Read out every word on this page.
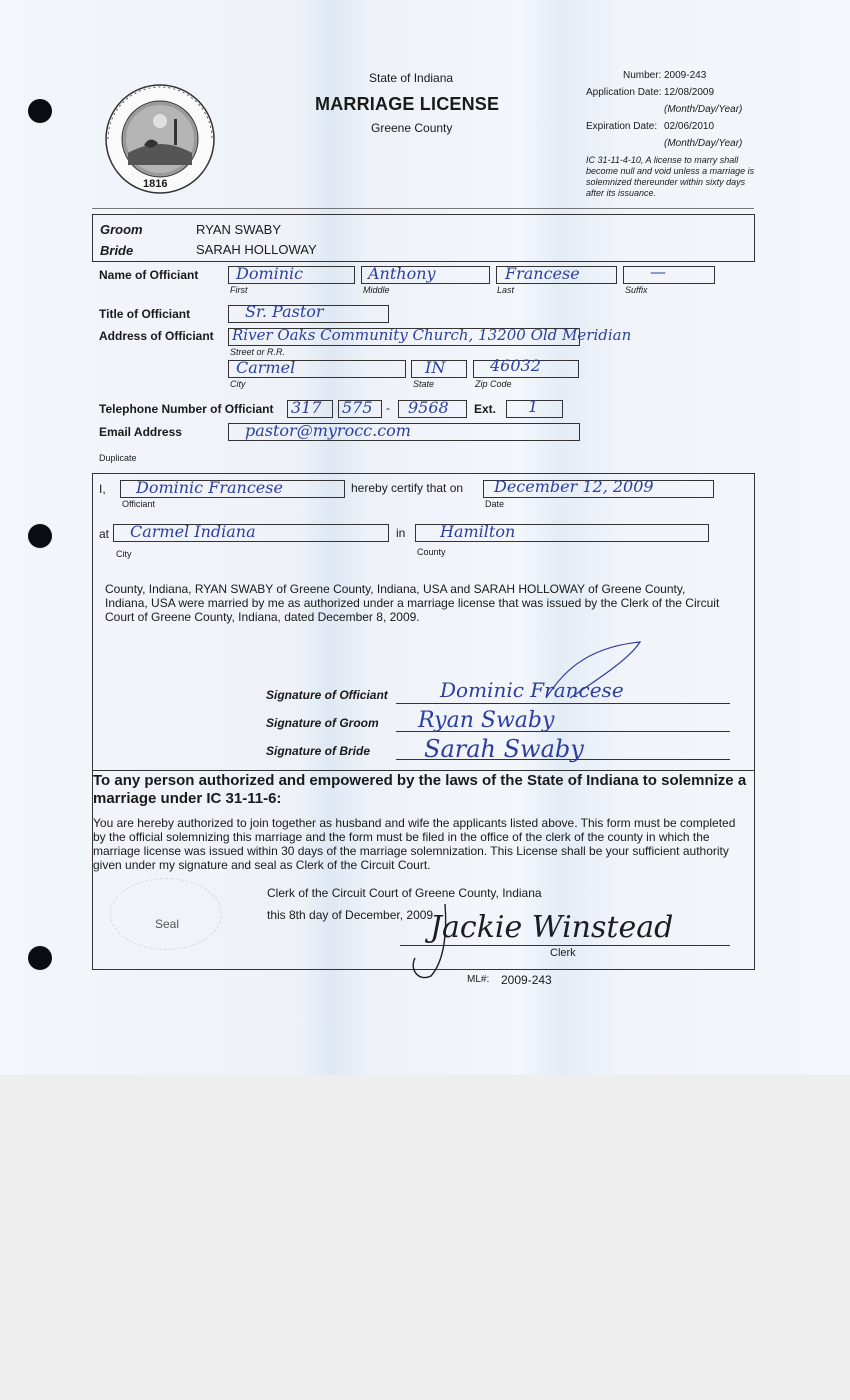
1816
State of Indiana
MARRIAGE LICENSE
Greene County
Number: 2009-243
Application Date: 12/08/2009
(Month/Day/Year)
Expiration Date: 02/06/2010
(Month/Day/Year)
IC 31-11-4-10, A license to marry shall become null and void unless a marriage is solemnized thereunder within sixty days after its issuance.
Groom	RYAN SWABY
Bride	SARAH HOLLOWAY
Name of Officiant Dominic
First
Anthony
Middle
Francese
Last
—
Suffix
Title of Officiant	Sr. Pastor
Address of Officiant River Oaks Community Church, 13200 Old Meridian
Street or R.R.
Carmel
City
IN
State
46032
Zip Code
Telephone Number of Officiant 317 575 - 9568 Ext. 1
Email Address	pastor@myrocc.com
Duplicate
I, Dominic Francese
Officiant
hereby certify that on December 12, 2009
Date
at Carmel Indiana
City
in Hamilton
County
County, Indiana, RYAN SWABY of Greene County, Indiana, USA and SARAH HOLLOWAY of Greene County, Indiana, USA were married by me as authorized under a marriage license that was issued by the Clerk of the Circuit Court of Greene County, Indiana, dated December 8, 2009.
Signature of Officiant	Dominic Francese
Signature of Groom Ryan Swaby
Signature of Bride Sarah Swaby
To any person authorized and empowered by the laws of the State of Indiana to solemnize a marriage under IC 31-11-6:
You are hereby authorized to join together as husband and wife the applicants listed above. This form must be completed by the official solemnizing this marriage and the form must be filed in the office of the clerk of the county in which the marriage license was issued within 30 days of the marriage solemnization. This License shall be your sufficient authority given under my signature and seal as Clerk of the Circuit Court.
Seal
Clerk of the Circuit Court of Greene County, Indiana
this 8th day of December, 2009
Jackie Winstead
Clerk
ML#: 2009-243
